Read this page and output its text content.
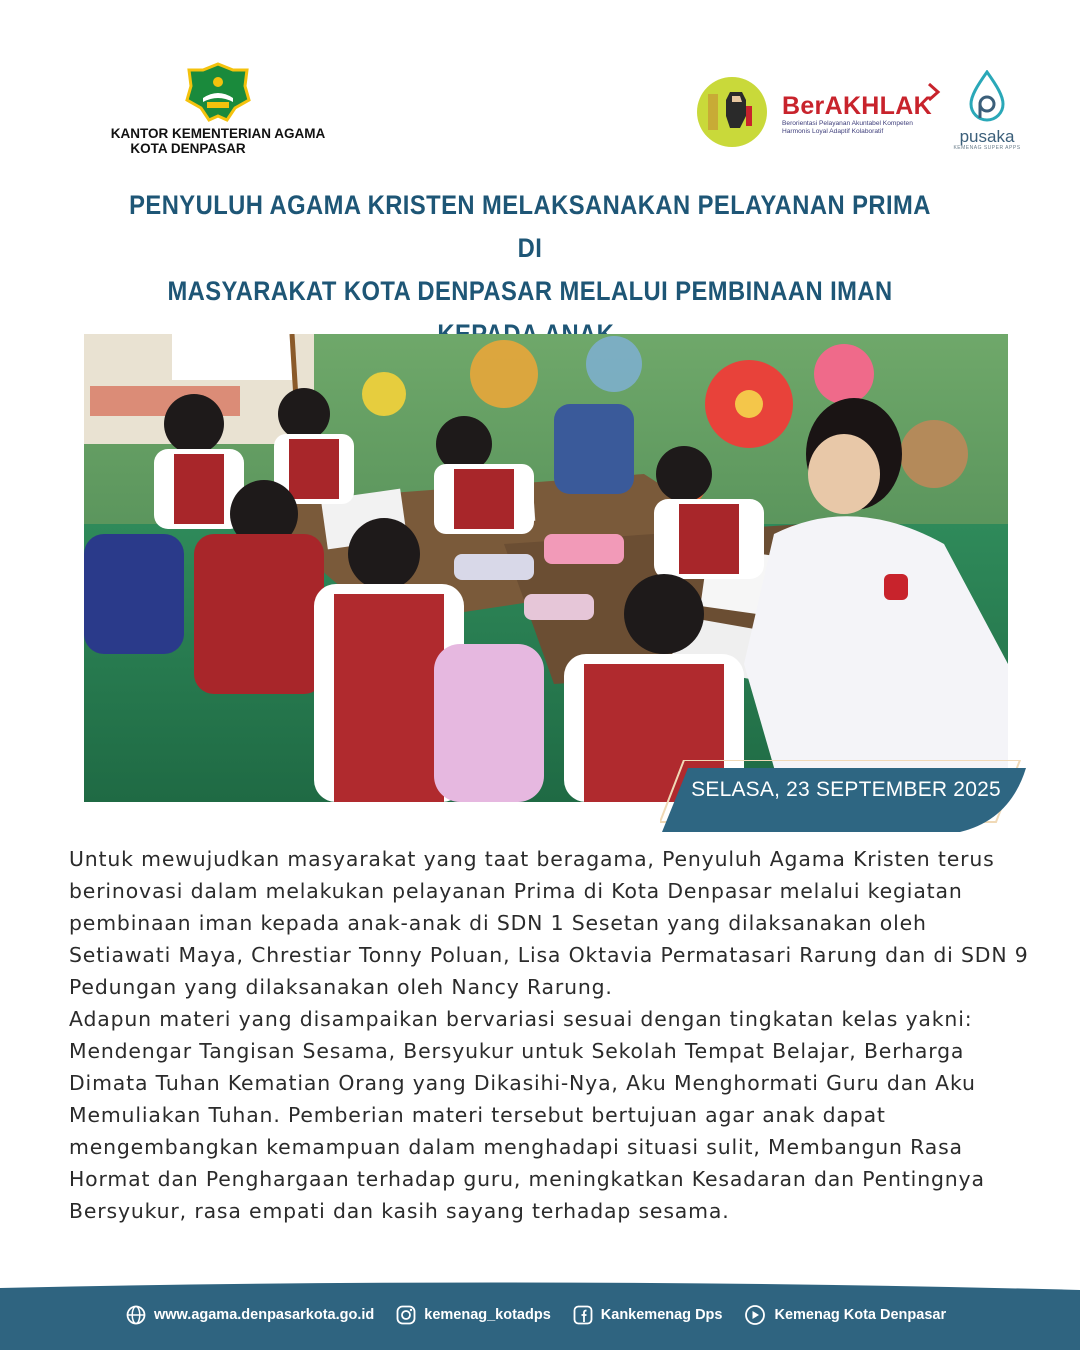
KANTOR KEMENTERIAN AGAMA
KOTA DENPASAR
BerAKHLAK
Berorientasi Pelayanan Akuntabel Kompeten
Harmonis Loyal Adaptif Kolaboratif	pusaka
KEMENAG SUPER APPS
PENYULUH AGAMA KRISTEN MELAKSANAKAN PELAYANAN PRIMA DI
MASYARAKAT KOTA DENPASAR MELALUI PEMBINAAN IMAN

SELASA, 23 SEPTEMBER 2025

Untuk mewujudkan masyarakat yang taat beragama, Penyuluh Agama Kristen terus berinovasi dalam melakukan pelayanan Prima di Kota Denpasar melalui kegiatan pembinaan iman kepada anak-anak di SDN 1 Sesetan yang dilaksanakan oleh Setiawati Maya, Chrestiar Tonny Poluan, Lisa Oktavia Permatasari Rarung dan di SDN 9 Pedungan yang dilaksanakan oleh Nancy Rarung.

Adapun materi yang disampaikan bervariasi sesuai dengan tingkatan kelas yakni: Mendengar Tangisan Sesama, Bersyukur untuk Sekolah Tempat Belajar, Berharga Dimata Tuhan Kematian Orang yang Dikasihi-Nya, Aku Menghormati Guru dan Aku Memuliakan Tuhan. Pemberian materi tersebut bertujuan agar anak dapat mengembangkan kemampuan dalam menghadapi situasi sulit, Membangun Rasa Hormat dan Penghargaan terhadap guru, meningkatkan Kesadaran dan Pentingnya Bersyukur, rasa empati dan kasih sayang terhadap sesama.

www.agama.denpasarkota.go.id	kemenag_kotadps	Kankemenag Dps	Kemenag Kota Denpasar
